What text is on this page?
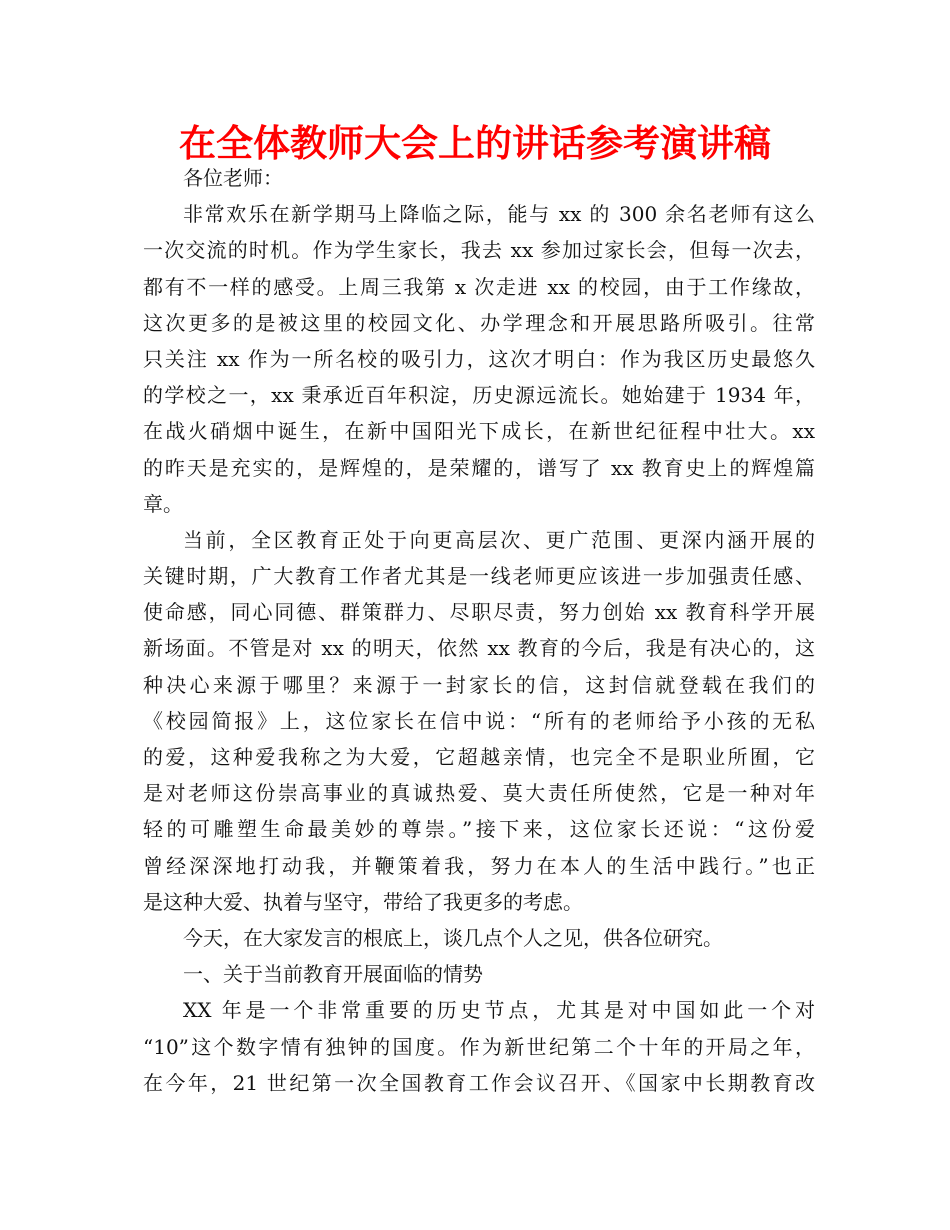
在全体教师大会上的讲话参考演讲稿
各位老师：
非常欢乐在新学期马上降临之际，能与 xx 的 300 余名老师有这么
一次交流的时机。作为学生家长，我去 xx 参加过家长会，但每一次去，
都有不一样的感受。上周三我第 x 次走进 xx 的校园，由于工作缘故，
这次更多的是被这里的校园文化、办学理念和开展思路所吸引。往常
只关注 xx 作为一所名校的吸引力，这次才明白：作为我区历史最悠久
的学校之一，xx 秉承近百年积淀，历史源远流长。她始建于 1934 年，
在战火硝烟中诞生，在新中国阳光下成长，在新世纪征程中壮大。xx
的昨天是充实的，是辉煌的，是荣耀的，谱写了 xx 教育史上的辉煌篇
章。
当前，全区教育正处于向更高层次、更广范围、更深内涵开展的
关键时期，广大教育工作者尤其是一线老师更应该进一步加强责任感、
使命感，同心同德、群策群力、尽职尽责，努力创始 xx 教育科学开展
新场面。不管是对 xx 的明天，依然 xx 教育的今后，我是有决心的，这
种决心来源于哪里？来源于一封家长的信，这封信就登载在我们的
《校园简报》上，这位家长在信中说：“所有的老师给予小孩的无私
的爱，这种爱我称之为大爱，它超越亲情，也完全不是职业所囿，它
是对老师这份崇高事业的真诚热爱、莫大责任所使然，它是一种对年
轻的可雕塑生命最美妙的尊崇。”接下来，这位家长还说：“这份爱
曾经深深地打动我，并鞭策着我，努力在本人的生活中践行。”也正
是这种大爱、执着与坚守，带给了我更多的考虑。
今天，在大家发言的根底上，谈几点个人之见，供各位研究。
一、关于当前教育开展面临的情势
XX 年是一个非常重要的历史节点，尤其是对中国如此一个对
“10”这个数字情有独钟的国度。作为新世纪第二个十年的开局之年，
在今年，21 世纪第一次全国教育工作会议召开、《国家中长期教育改
